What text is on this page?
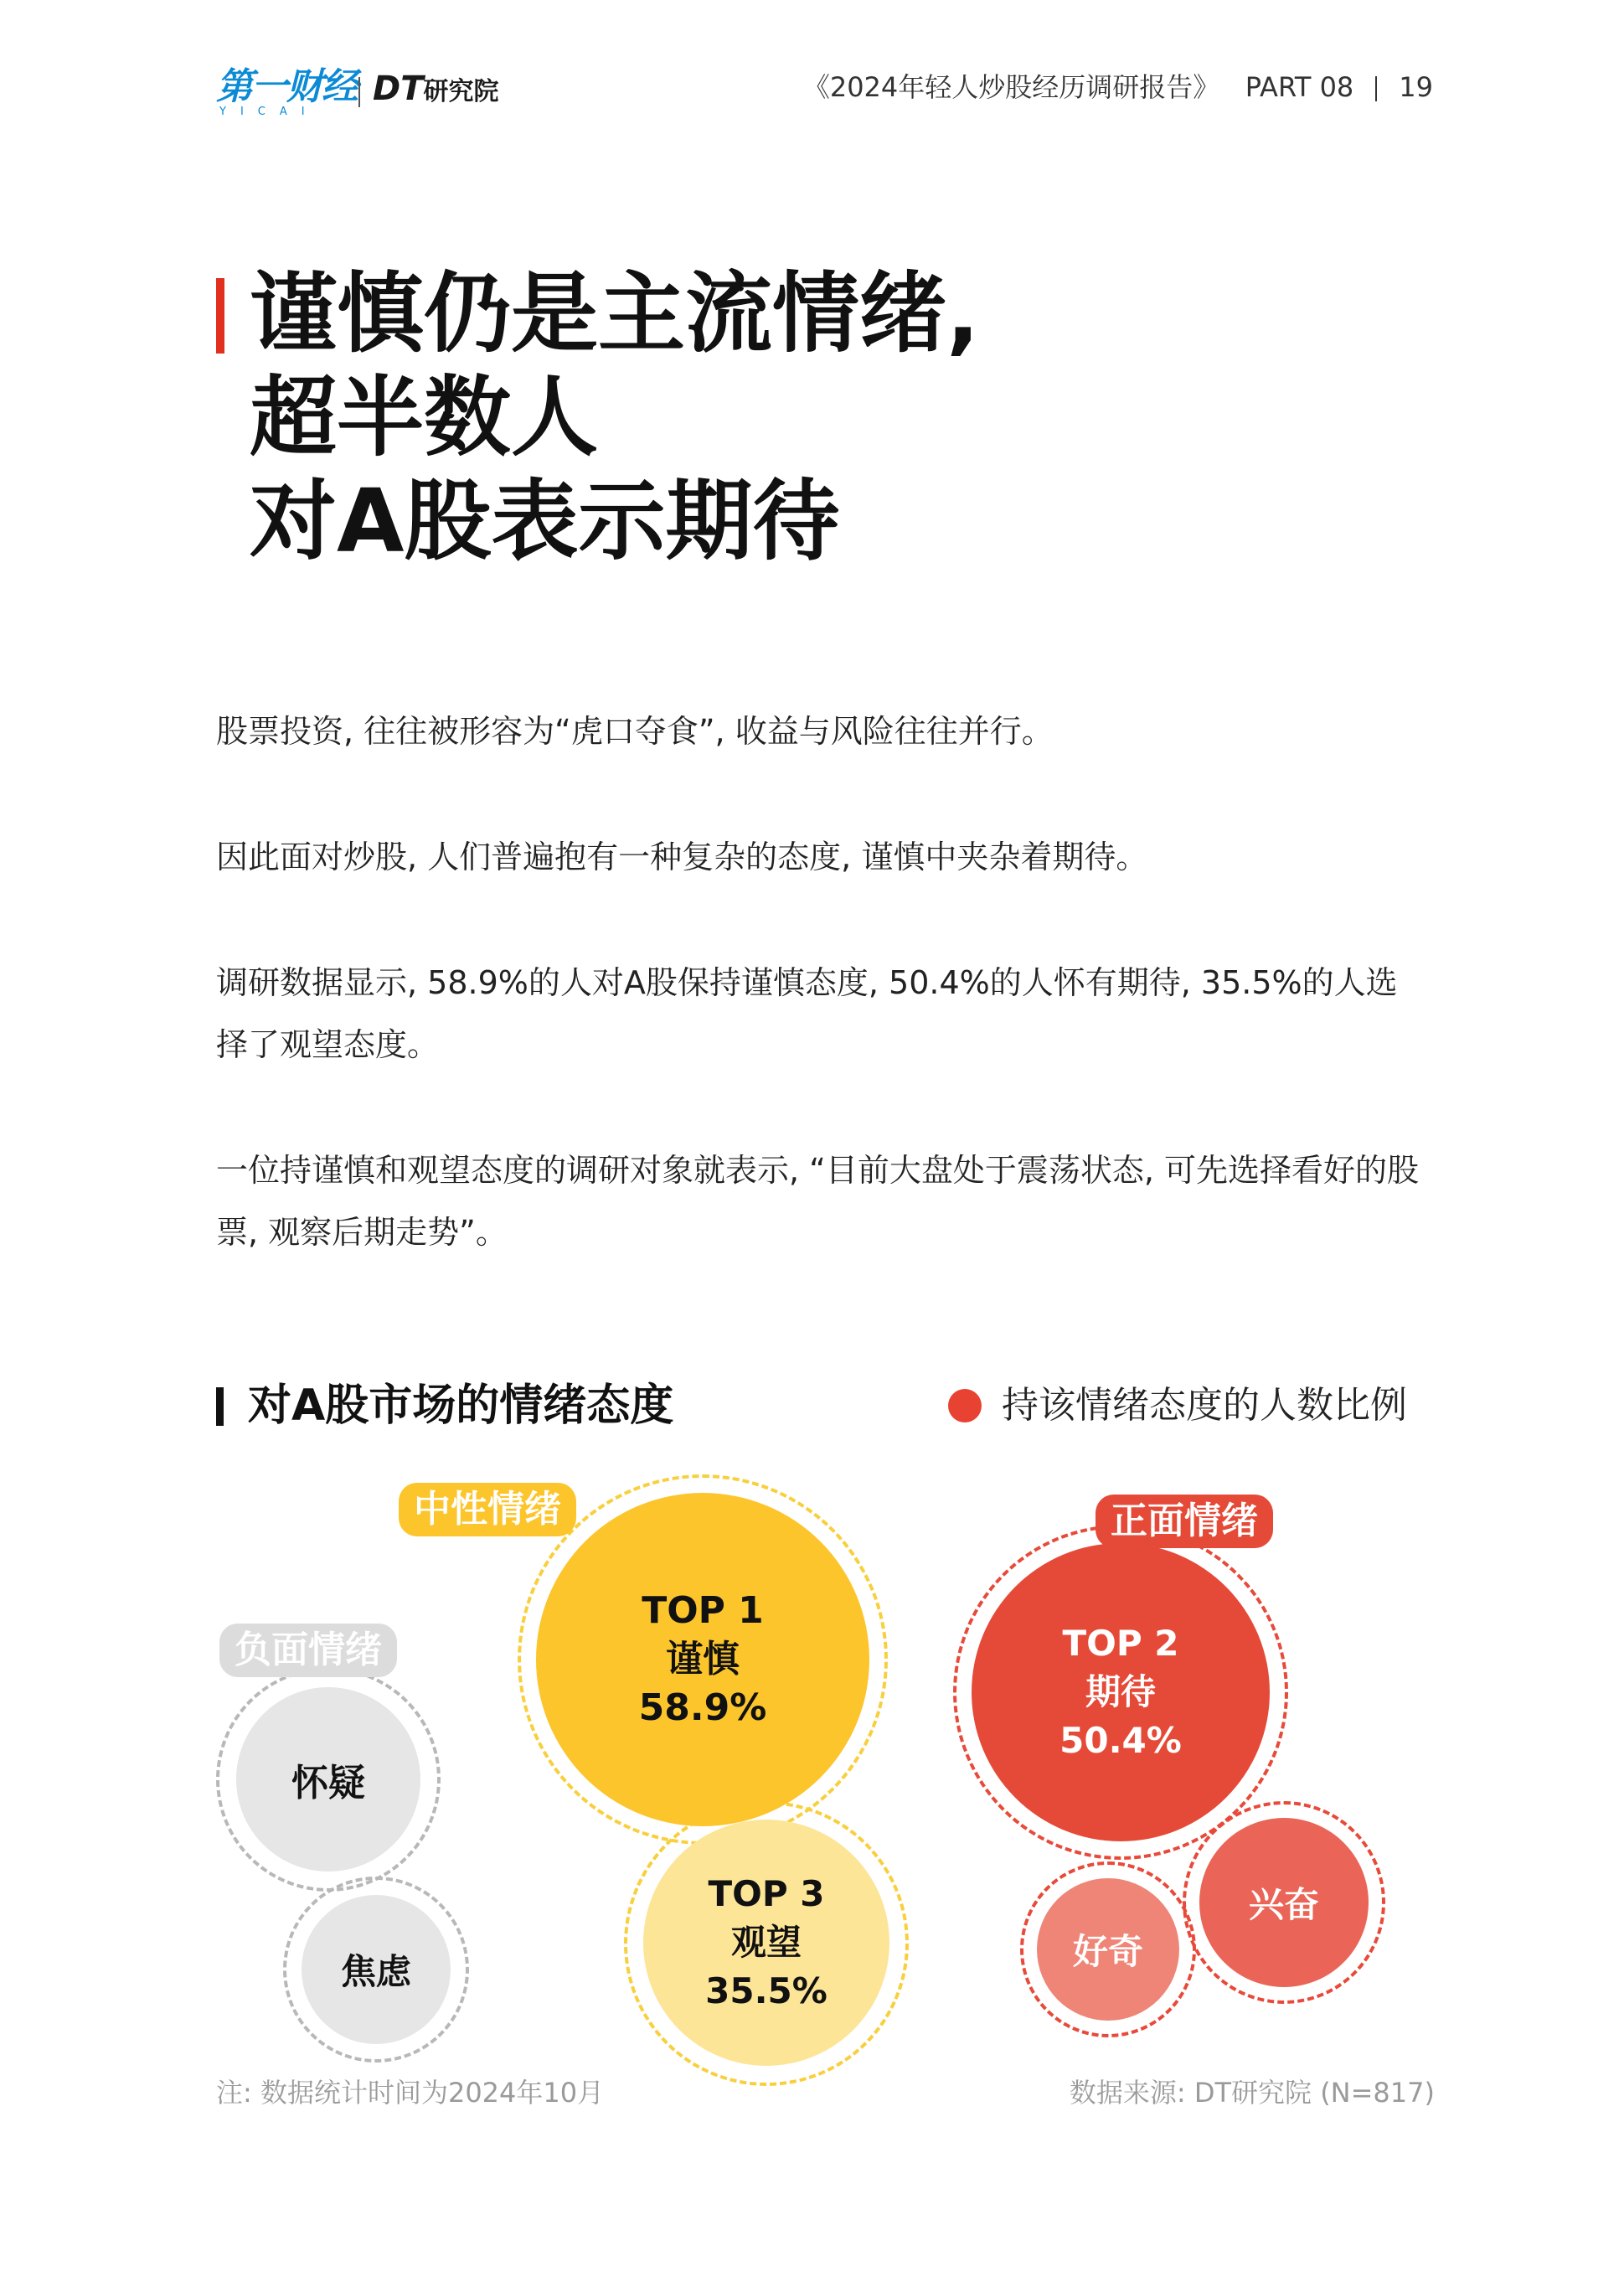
第一财经
YICAI
DT研究院	《2024年轻人炒股经历调研报告》 PART 08 19
谨慎仍是主流情绪,
超半数人
对A股表示期待
股票投资, 往往被形容为“虎口夺食”, 收益与风险往往并行。
因此面对炒股, 人们普遍抱有一种复杂的态度, 谨慎中夹杂着期待。
调研数据显示, 58.9%的人对A股保持谨慎态度, 50.4%的人怀有期待, 35.5%的人选择了观望态度。
一位持谨慎和观望态度的调研对象就表示, “目前大盘处于震荡状态, 可先选择看好的股票, 观察后期走势”。
对A股市场的情绪态度	持该情绪态度的人数比例
怀疑
焦虑
负面情绪
TOP 1
谨慎
58.9%
TOP 3
观望
35.5%
中性情绪
TOP 2
期待
50.4%
兴奋
好奇
正面情绪
注: 数据统计时间为2024年10月	数据来源: DT研究院 (N=817)
